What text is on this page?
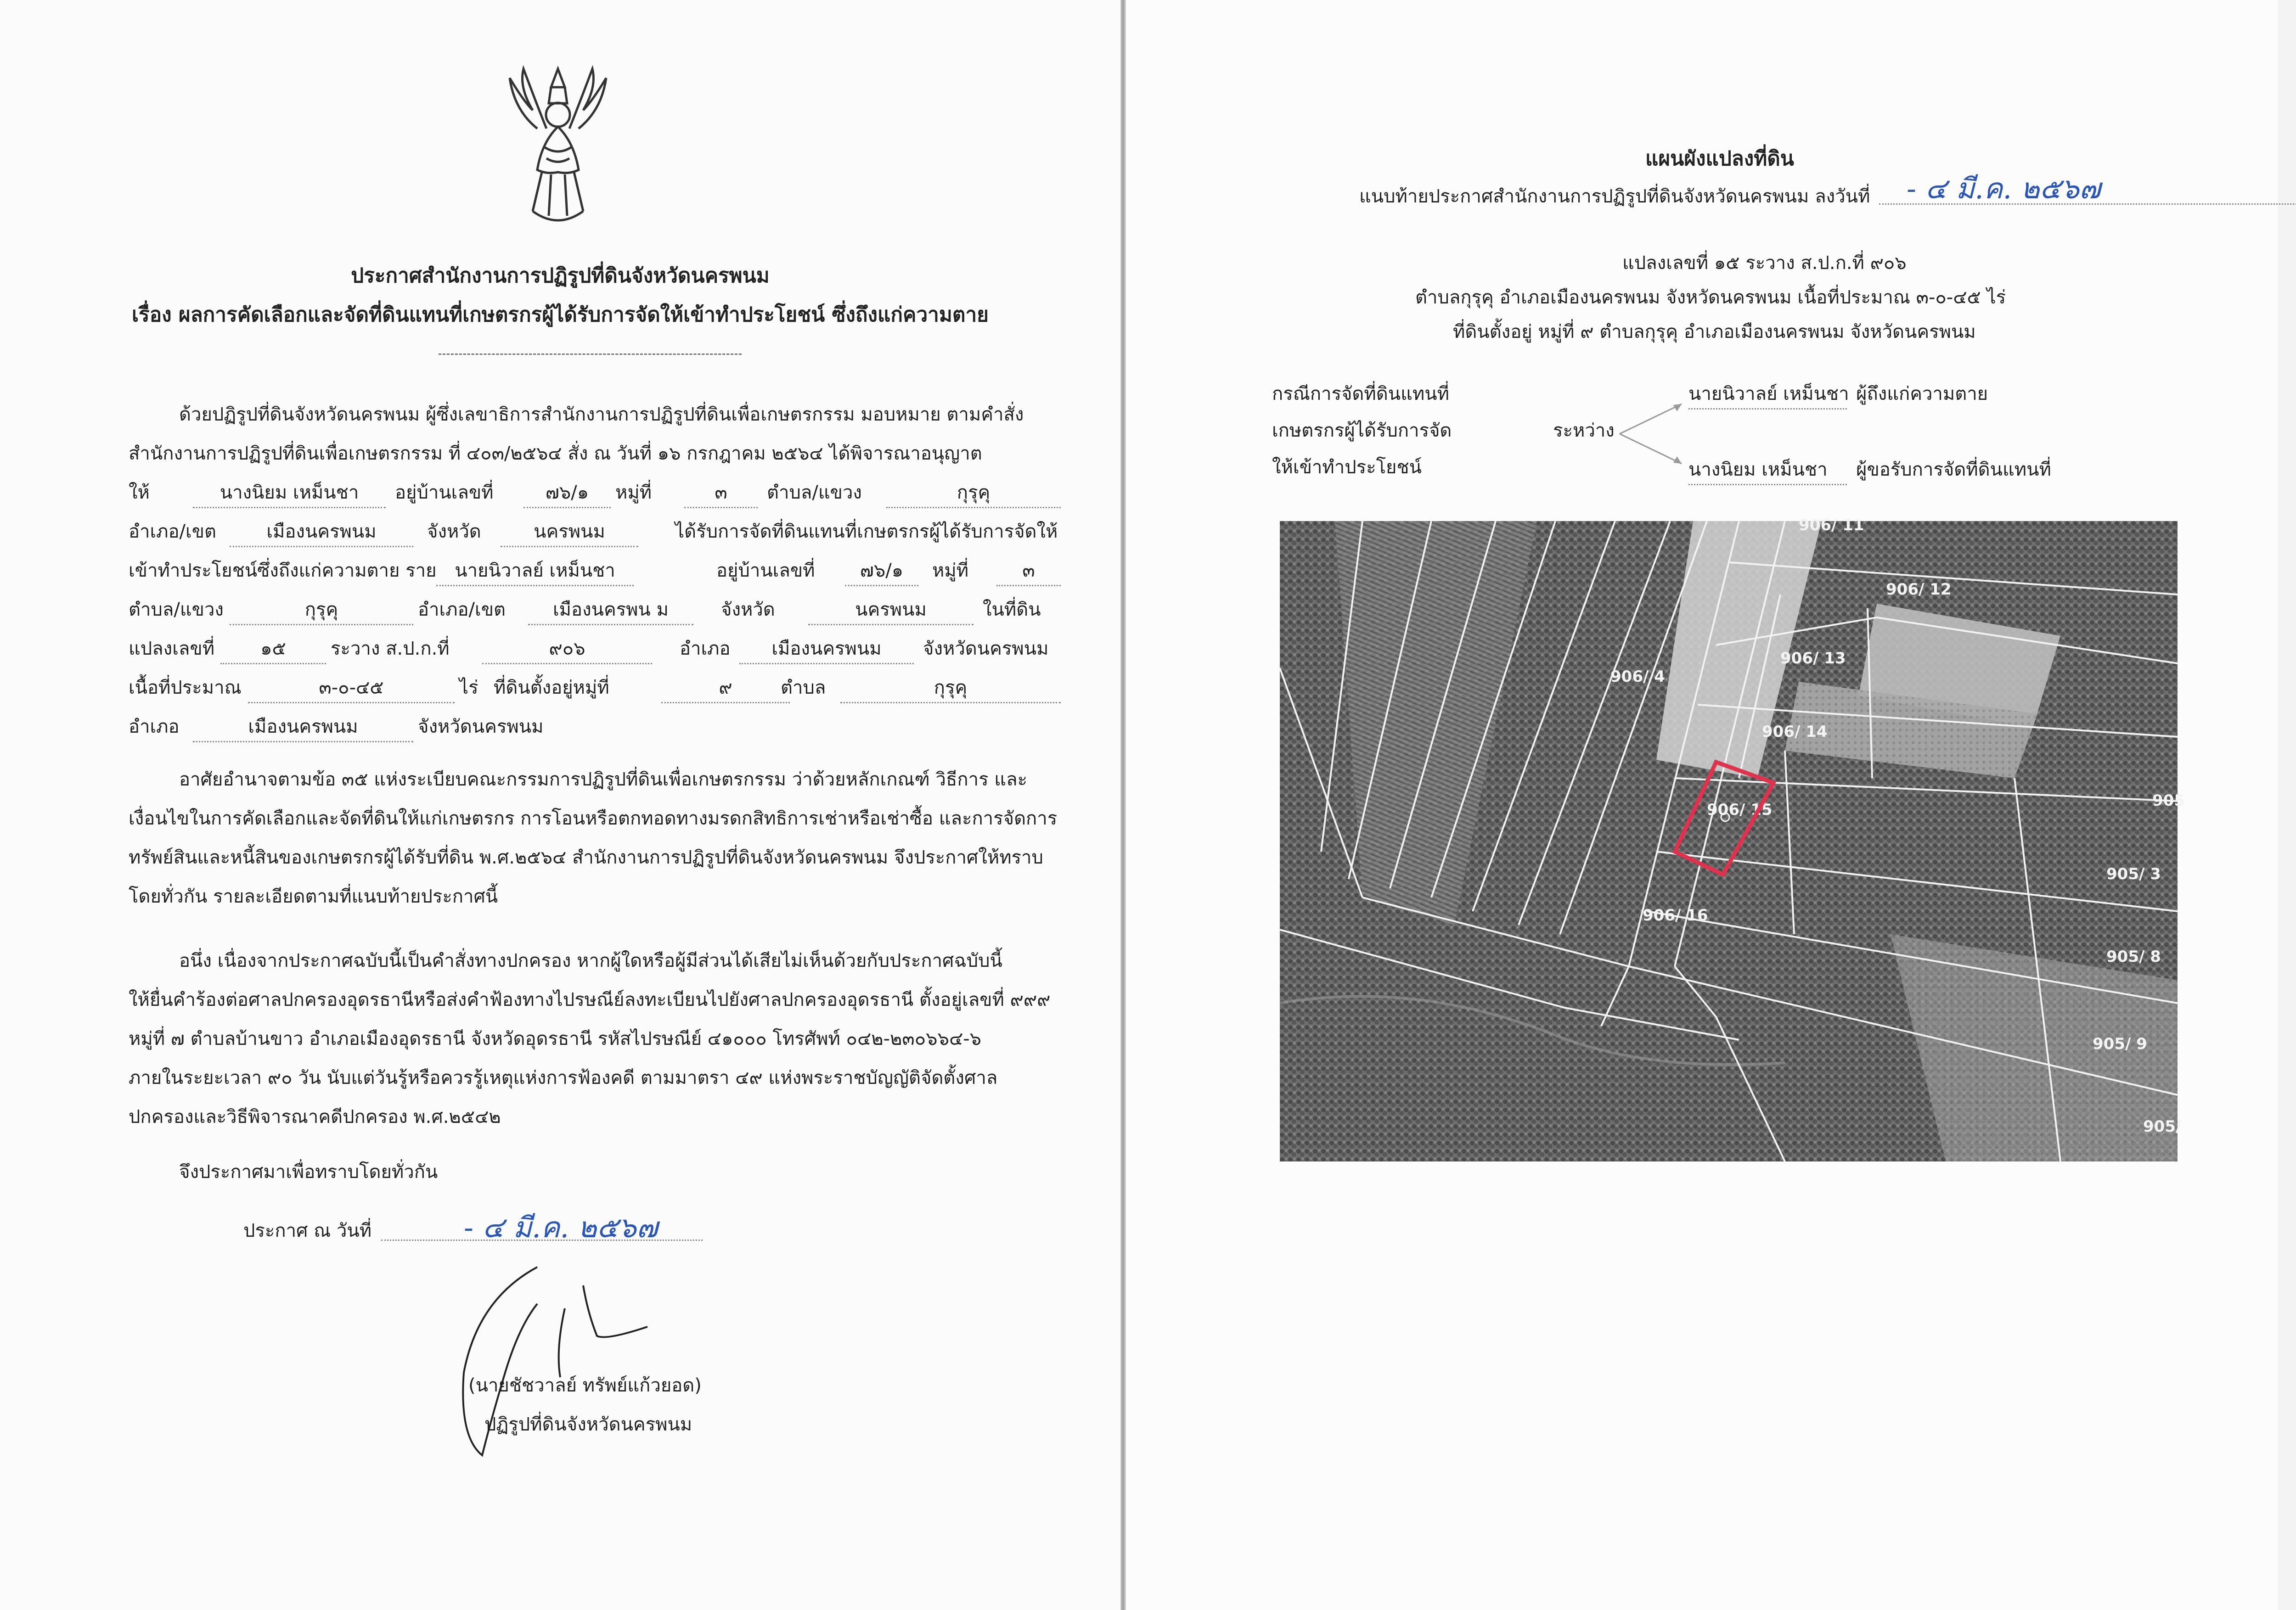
ประกาศสำนักงานการปฏิรูปที่ดินจังหวัดนครพนม
เรื่อง ผลการคัดเลือกและจัดที่ดินแทนที่เกษตรกรผู้ได้รับการจัดให้เข้าทำประโยชน์ ซึ่งถึงแก่ความตาย
ด้วยปฏิรูปที่ดินจังหวัดนครพนม ผู้ซึ่งเลขาธิการสำนักงานการปฏิรูปที่ดินเพื่อเกษตรกรรม มอบหมาย ตามคำสั่ง
สำนักงานการปฏิรูปที่ดินเพื่อเกษตรกรรม ที่ ๔๐๓/๒๕๖๔ สั่ง ณ วันที่ ๑๖ กรกฎาคม ๒๕๖๔ ได้พิจารณาอนุญาต
ให้	นางนิยม เหม็นชา	อยู่บ้านเลขที่	๗๖/๑	หมู่ที่	๓	ตำบล/แขวง	กุรุคุ
อำเภอ/เขต	เมืองนครพนม	จังหวัด	นครพนม	ได้รับการจัดที่ดินแทนที่เกษตรกรผู้ได้รับการจัดให้
เข้าทำประโยชน์ซึ่งถึงแก่ความตาย ราย นายนิวาลย์ เหม็นชา	อยู่บ้านเลขที่	๗๖/๑	หมู่ที่	๓
ตำบล/แขวง	กุรุคุ	อำเภอ/เขต	เมืองนครพน ม	จังหวัด	นครพนม	ในที่ดิน
แปลงเลขที่	๑๕	ระวาง ส.ป.ก.ที่	๙๐๖	อำเภอ	เมืองนครพนม	จังหวัดนครพนม
เนื้อที่ประมาณ	๓-๐-๔๕	ไร่ ที่ดินตั้งอยู่หมู่ที่	๙	ตำบล	กุรุคุ
อำเภอ	เมืองนครพนม	จังหวัดนครพนม
อาศัยอำนาจตามข้อ ๓๕ แห่งระเบียบคณะกรรมการปฏิรูปที่ดินเพื่อเกษตรกรรม ว่าด้วยหลักเกณฑ์ วิธีการ และ
เงื่อนไขในการคัดเลือกและจัดที่ดินให้แก่เกษตรกร การโอนหรือตกทอดทางมรดกสิทธิการเช่าหรือเช่าซื้อ และการจัดการ
ทรัพย์สินและหนี้สินของเกษตรกรผู้ได้รับที่ดิน พ.ศ.๒๕๖๔ สำนักงานการปฏิรูปที่ดินจังหวัดนครพนม จึงประกาศให้ทราบ
โดยทั่วกัน รายละเอียดตามที่แนบท้ายประกาศนี้
อนึ่ง เนื่องจากประกาศฉบับนี้เป็นคำสั่งทางปกครอง หากผู้ใดหรือผู้มีส่วนได้เสียไม่เห็นด้วยกับประกาศฉบับนี้
ให้ยื่นคำร้องต่อศาลปกครองอุดรธานีหรือส่งคำฟ้องทางไปรษณีย์ลงทะเบียนไปยังศาลปกครองอุดรธานี ตั้งอยู่เลขที่ ๙๙๙
หมู่ที่ ๗ ตำบลบ้านขาว อำเภอเมืองอุดรธานี จังหวัดอุดรธานี รหัสไปรษณีย์ ๔๑๐๐๐ โทรศัพท์ ๐๔๒-๒๓๐๖๖๔-๖
ภายในระยะเวลา ๙๐ วัน นับแต่วันรู้หรือควรรู้เหตุแห่งการฟ้องคดี ตามมาตรา ๔๙ แห่งพระราชบัญญัติจัดตั้งศาล
ปกครองและวิธีพิจารณาคดีปกครอง พ.ศ.๒๕๔๒
จึงประกาศมาเพื่อทราบโดยทั่วกัน
ประกาศ ณ วันที่	- ๔ มี.ค. ๒๕๖๗
(นายชัชวาลย์ ทรัพย์แก้วยอด)
ปฏิรูปที่ดินจังหวัดนครพนม
แผนผังแปลงที่ดิน
แนบท้ายประกาศสำนักงานการปฏิรูปที่ดินจังหวัดนครพนม ลงวันที่ - ๔ มี.ค. ๒๕๖๗
แปลงเลขที่ ๑๕ ระวาง ส.ป.ก.ที่ ๙๐๖
ตำบลกุรุคุ อำเภอเมืองนครพนม จังหวัดนครพนม เนื้อที่ประมาณ ๓-๐-๔๕ ไร่
ที่ดินตั้งอยู่ หมู่ที่ ๙ ตำบลกุรุคุ อำเภอเมืองนครพนม จังหวัดนครพนม
กรณีการจัดที่ดินแทนที่
เกษตรกรผู้ได้รับการจัด
ให้เข้าทำประโยชน์
ระหว่าง
นายนิวาลย์ เหม็นชา ผู้ถึงแก่ความตาย
นางนิยม เหม็นชา	ผู้ขอรับการจัดที่ดินแทนที่
906/ 11
906/ 12
906/ 13
906/ 14
906/ 15
906/ 16
906/ 4
905/ 3
905/ 8
905/ 9
905
905/
